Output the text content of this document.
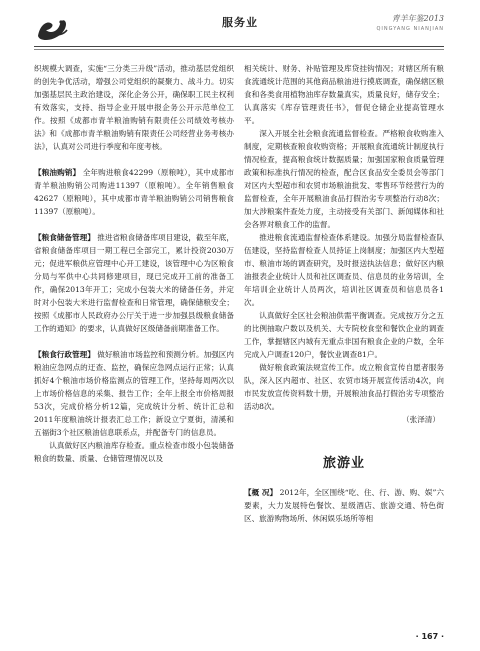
服务业	青羊年鉴2013
QINGYANG NIANJIAN

织规模大调查，实施“三分类三升级”活动，推动基层党组织的创先争优活动，增强公司党组织的凝聚力、战斗力。切实加强基层民主政治建设，深化企务公开，确保职工民主权利有效落实，支持、指导企业开展申报企务公开示范单位工作。按照《成都市青羊粮油购销有限责任公司绩效考核办法》和《成都市青羊粮油购销有限责任公司经营业务考核办法》，认真对公司进行季度和年度考核。

【粮油购销】 全年购进粮食42299（原粮吨），其中成都市青羊粮油购销公司购进11397（原粮吨）。全年销售粮食42627（原粮吨），其中成都市青羊粮油购销公司销售粮食11397（原粮吨）。

【粮食储备管理】 推进省粮食储备库项目建设，截至年底，省粮食储备库项目一期工程已全部完工，累计投资2030万元；促进军粮供应管理中心开工建设，该管理中心为区粮食分局与军供中心共同修建项目，现已完成开工前的准备工作，确保2013年开工；完成小包装大米的储备任务，并定时对小包装大米进行监督检查和日常管理，确保储粮安全；按照《成都市人民政府办公厅关于进一步加强县级粮食储备工作的通知》的要求，认真做好区级储备前期准备工作。

【粮食行政管理】 做好粮油市场监控和预测分析。加强区内粮油应急网点的迂查、监控，确保应急网点运行正常；认真抓好4个粮油市场价格监测点的管理工作，坚持每周两次以上市场价格信息的采集、报告工作；全年上报全市价格周报53次，完成价格分析12篇，完成统计分析、统计汇总和2011年度粮油统计报表汇总工作；新设立宁夏街，清溪和五福街3个社区粮油信息联系点，并配备专门的信息员。

认真做好区内粮油库存检查。重点检查市级小包装储备粮食的数量、质量、仓储管理情况以及

相关统计、财务、补贴管理及库贷挂钩情况；对辖区所有粮食流通统计范围的其他商品粮油进行摸底调查，确保辖区粮食和各类食用植物油库存数量真实，质量良好，储存安全；认真落实《库存管理责任书》，督促仓储企业提高管理水平。

深入开展全社会粮食流通监督检查。严格粮食收购准入制度，定期核查粮食收购资格；开展粮食流通统计制度执行情况检查，提高粮食统计数据质量；加强国家粮食质量管理政策和标准执行情况的检查，配合区食品安全委员会等部门对区内大型超市和农贸市场粮油批发、零售环节经营行为的监督检查，全年开展粮油食品打假治劣专项整治行动8次；加大涉粮案件查处力度，主动接受有关部门、新闻媒体和社会各界对粮食工作的监督。

推进粮食流通监督检查体系建设。加强分局监督检查队伍建设，坚持监督检查人员持证上岗制度；加强区内大型超市、粮油市场的调查研究，及时报送执法信息；做好区内粮油报表企业统计人员和社区调查员、信息员的业务培训，全年培训企业统计人员两次，培训社区调查员和信息员各1次。

认真做好全区社会粮油供需平衡调查。完成按万分之五的比例抽取户数以及机关、大专院校食堂和餐饮企业的调查工作，掌握辖区内城有无重点非国有粮食企业的户数，全年完成入户调查120户，餐饮业调查81户。

做好粮食政策法规宣传工作。成立粮食宣传自愿者服务队，深入区内超市、社区、农贸市场开展宣传活动4次，向市民发放宣传资料数十册，开展粮油食品打假治劣专项整治活动8次。

（张泽清）

旅游业

【概 况】 2012年，全区围绕“吃、住、行、游、购、娱”六要素，大力发展特色餐饮、星级酒店、旅游交通、特色街区、旅游购物场所、休闲娱乐场所等相

· 167 ·
